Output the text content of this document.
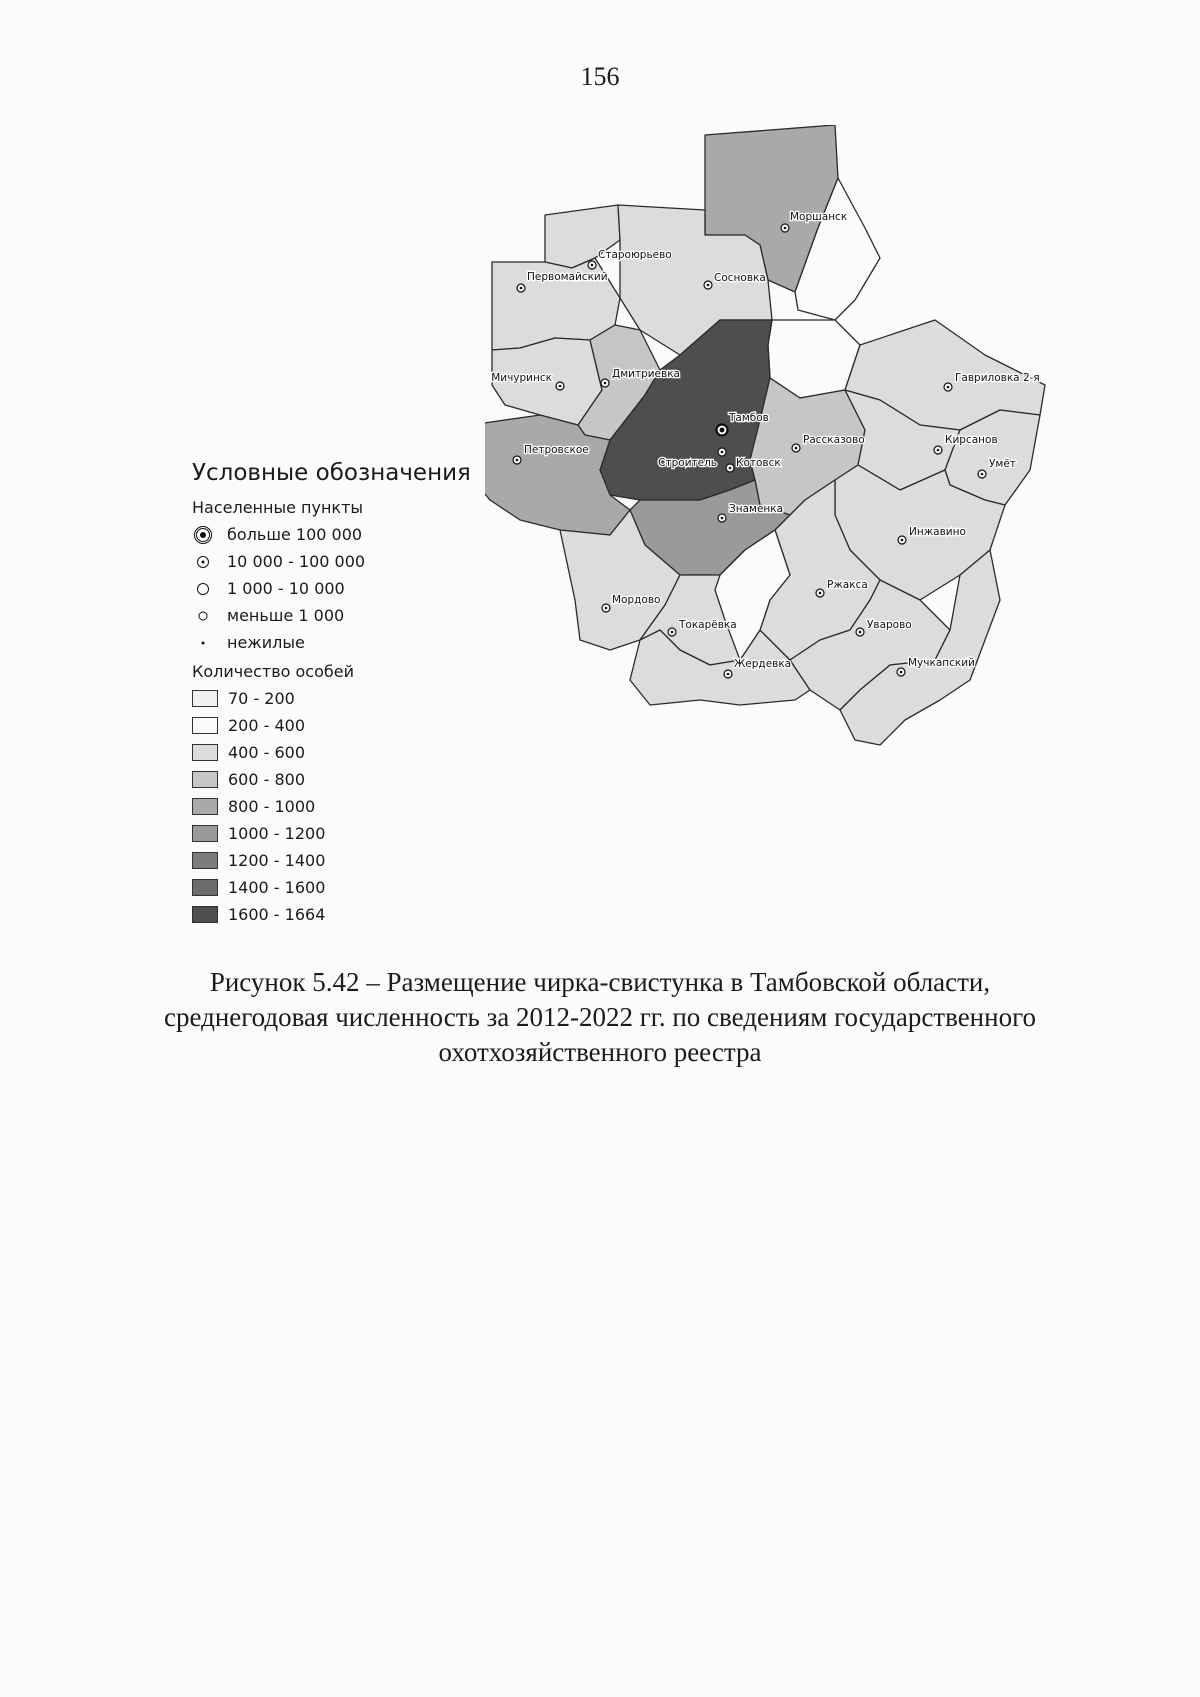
156
Моршанск
Староюрьево
Первомайский	Сосновка
Мичуринск	Дмитриевка	Гавриловка 2-я
Тамбов
Петровское
Строитель Котовск
Рассказово	Кирсанов
Умёт
Знаменка
Инжавино
Ржакса
Мордово
Токарёвка	Уварово
Мучкапский
Жердевка
Условные обозначения
Населенные пункты
больше 100 000
10 000 - 100 000
1 000 - 10 000
меньше 1 000
нежилые
Количество особей
70 - 200
200 - 400
400 - 600
600 - 800
800 - 1000
1000 - 1200
1200 - 1400
1400 - 1600
1600 - 1664
Рисунок 5.42 – Размещение чирка-свистунка в Тамбовской области,
среднегодовая численность за 2012-2022 гг. по сведениям государственного
охотхозяйственного реестра
